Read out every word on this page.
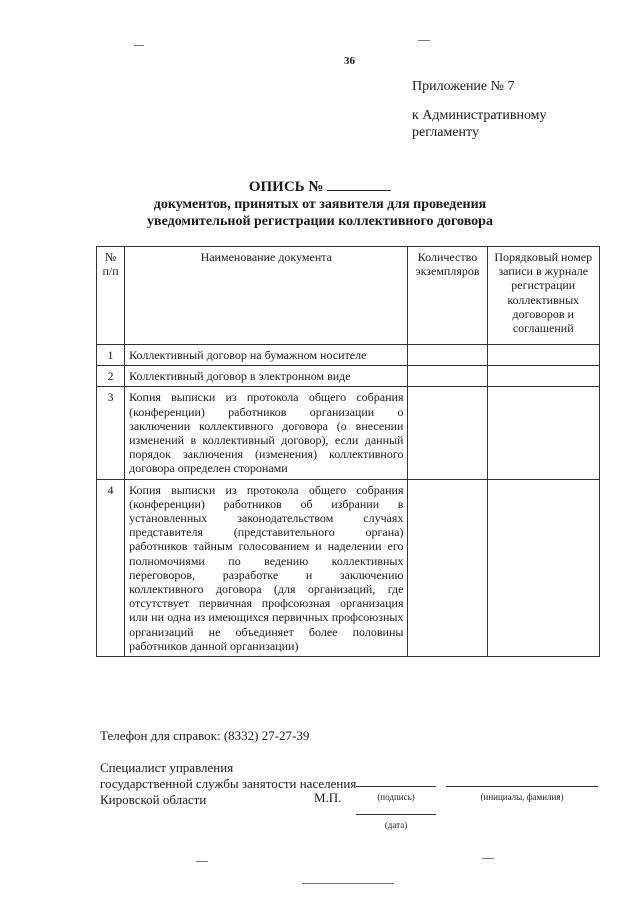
36
Приложение № 7
к Административному
регламенту
ОПИСЬ №
документов, принятых от заявителя для проведения
уведомительной регистрации коллективного договора
№ п/п	Наименование документа	Количество экземпляров	Порядковый номер записи в журнале регистрации коллективных договоров и соглашений
1	Коллективный договор на бумажном носителе		
2	Коллективный договор в электронном виде		
3	Копия выписки из протокола общего собрания (конференции) работников организации о заключении коллективного договора (о внесении изменений в коллективный договор), если данный порядок заключения (изменения) коллективного договора определен сторонами		
4	Копия выписки из протокола общего собрания (конференции) работников об избрании в установленных законодательством случаях представителя (представительного органа) работников тайным голосованием и наделении его полномочиями по ведению коллективных переговоров, разработке и заключению коллективного договора (для организаций, где отсутствует первичная профсоюзная организация или ни одна из имеющихся первичных профсоюзных организаций не объединяет более половины работников данной организации)		
Телефон для справок: (8332) 27-27-39
Специалист управления
государственной службы занятости населения
Кировской области	М.П.	(подпись)	(инициалы, фамилия)
(дата)
